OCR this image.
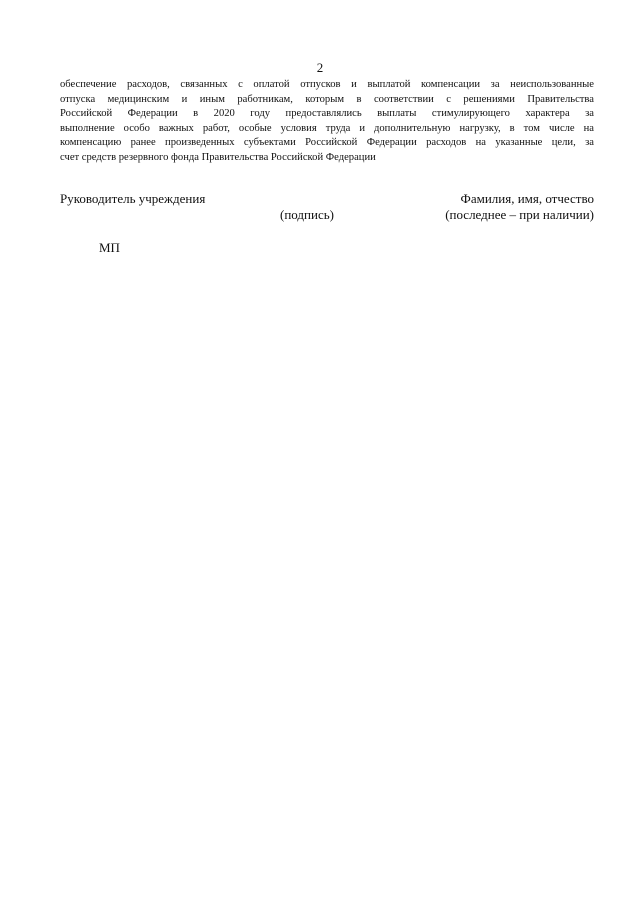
2
обеспечение расходов, связанных с оплатой отпусков и выплатой компенсации за неиспользованные
отпуска медицинским и иным работникам, которым в соответствии с решениями Правительства
Российской Федерации в 2020 году предоставлялись выплаты стимулирующего характера за
выполнение особо важных работ, особые условия труда и дополнительную нагрузку, в том числе на
компенсацию ранее произведенных субъектами Российской Федерации расходов на указанные цели, за
счет средств резервного фонда Правительства Российской Федерации
Руководитель учреждения	Фамилия, имя, отчество
(подпись)	(последнее – при наличии)
МП
